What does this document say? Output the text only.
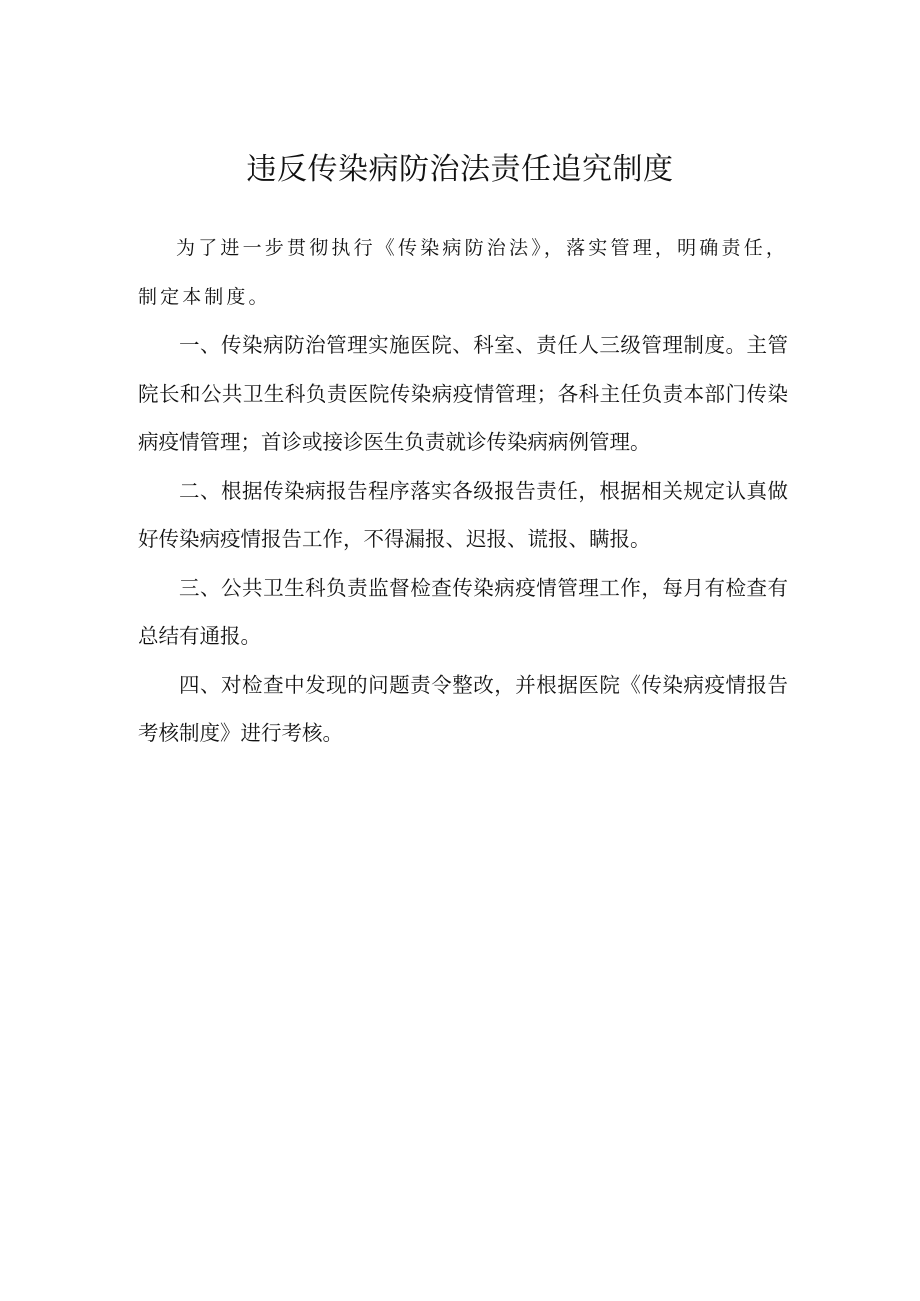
违反传染病防治法责任追究制度

为了进一步贯彻执行《传染病防治法》，落实管理，明确责任，制定本制度。

一、传染病防治管理实施医院、科室、责任人三级管理制度。主管院长和公共卫生科负责医院传染病疫情管理；各科主任负责本部门传染病疫情管理；首诊或接诊医生负责就诊传染病病例管理。

二、根据传染病报告程序落实各级报告责任，根据相关规定认真做好传染病疫情报告工作，不得漏报、迟报、谎报、瞒报。

三、公共卫生科负责监督检查传染病疫情管理工作，每月有检查有总结有通报。

四、对检查中发现的问题责令整改，并根据医院《传染病疫情报告考核制度》进行考核。
